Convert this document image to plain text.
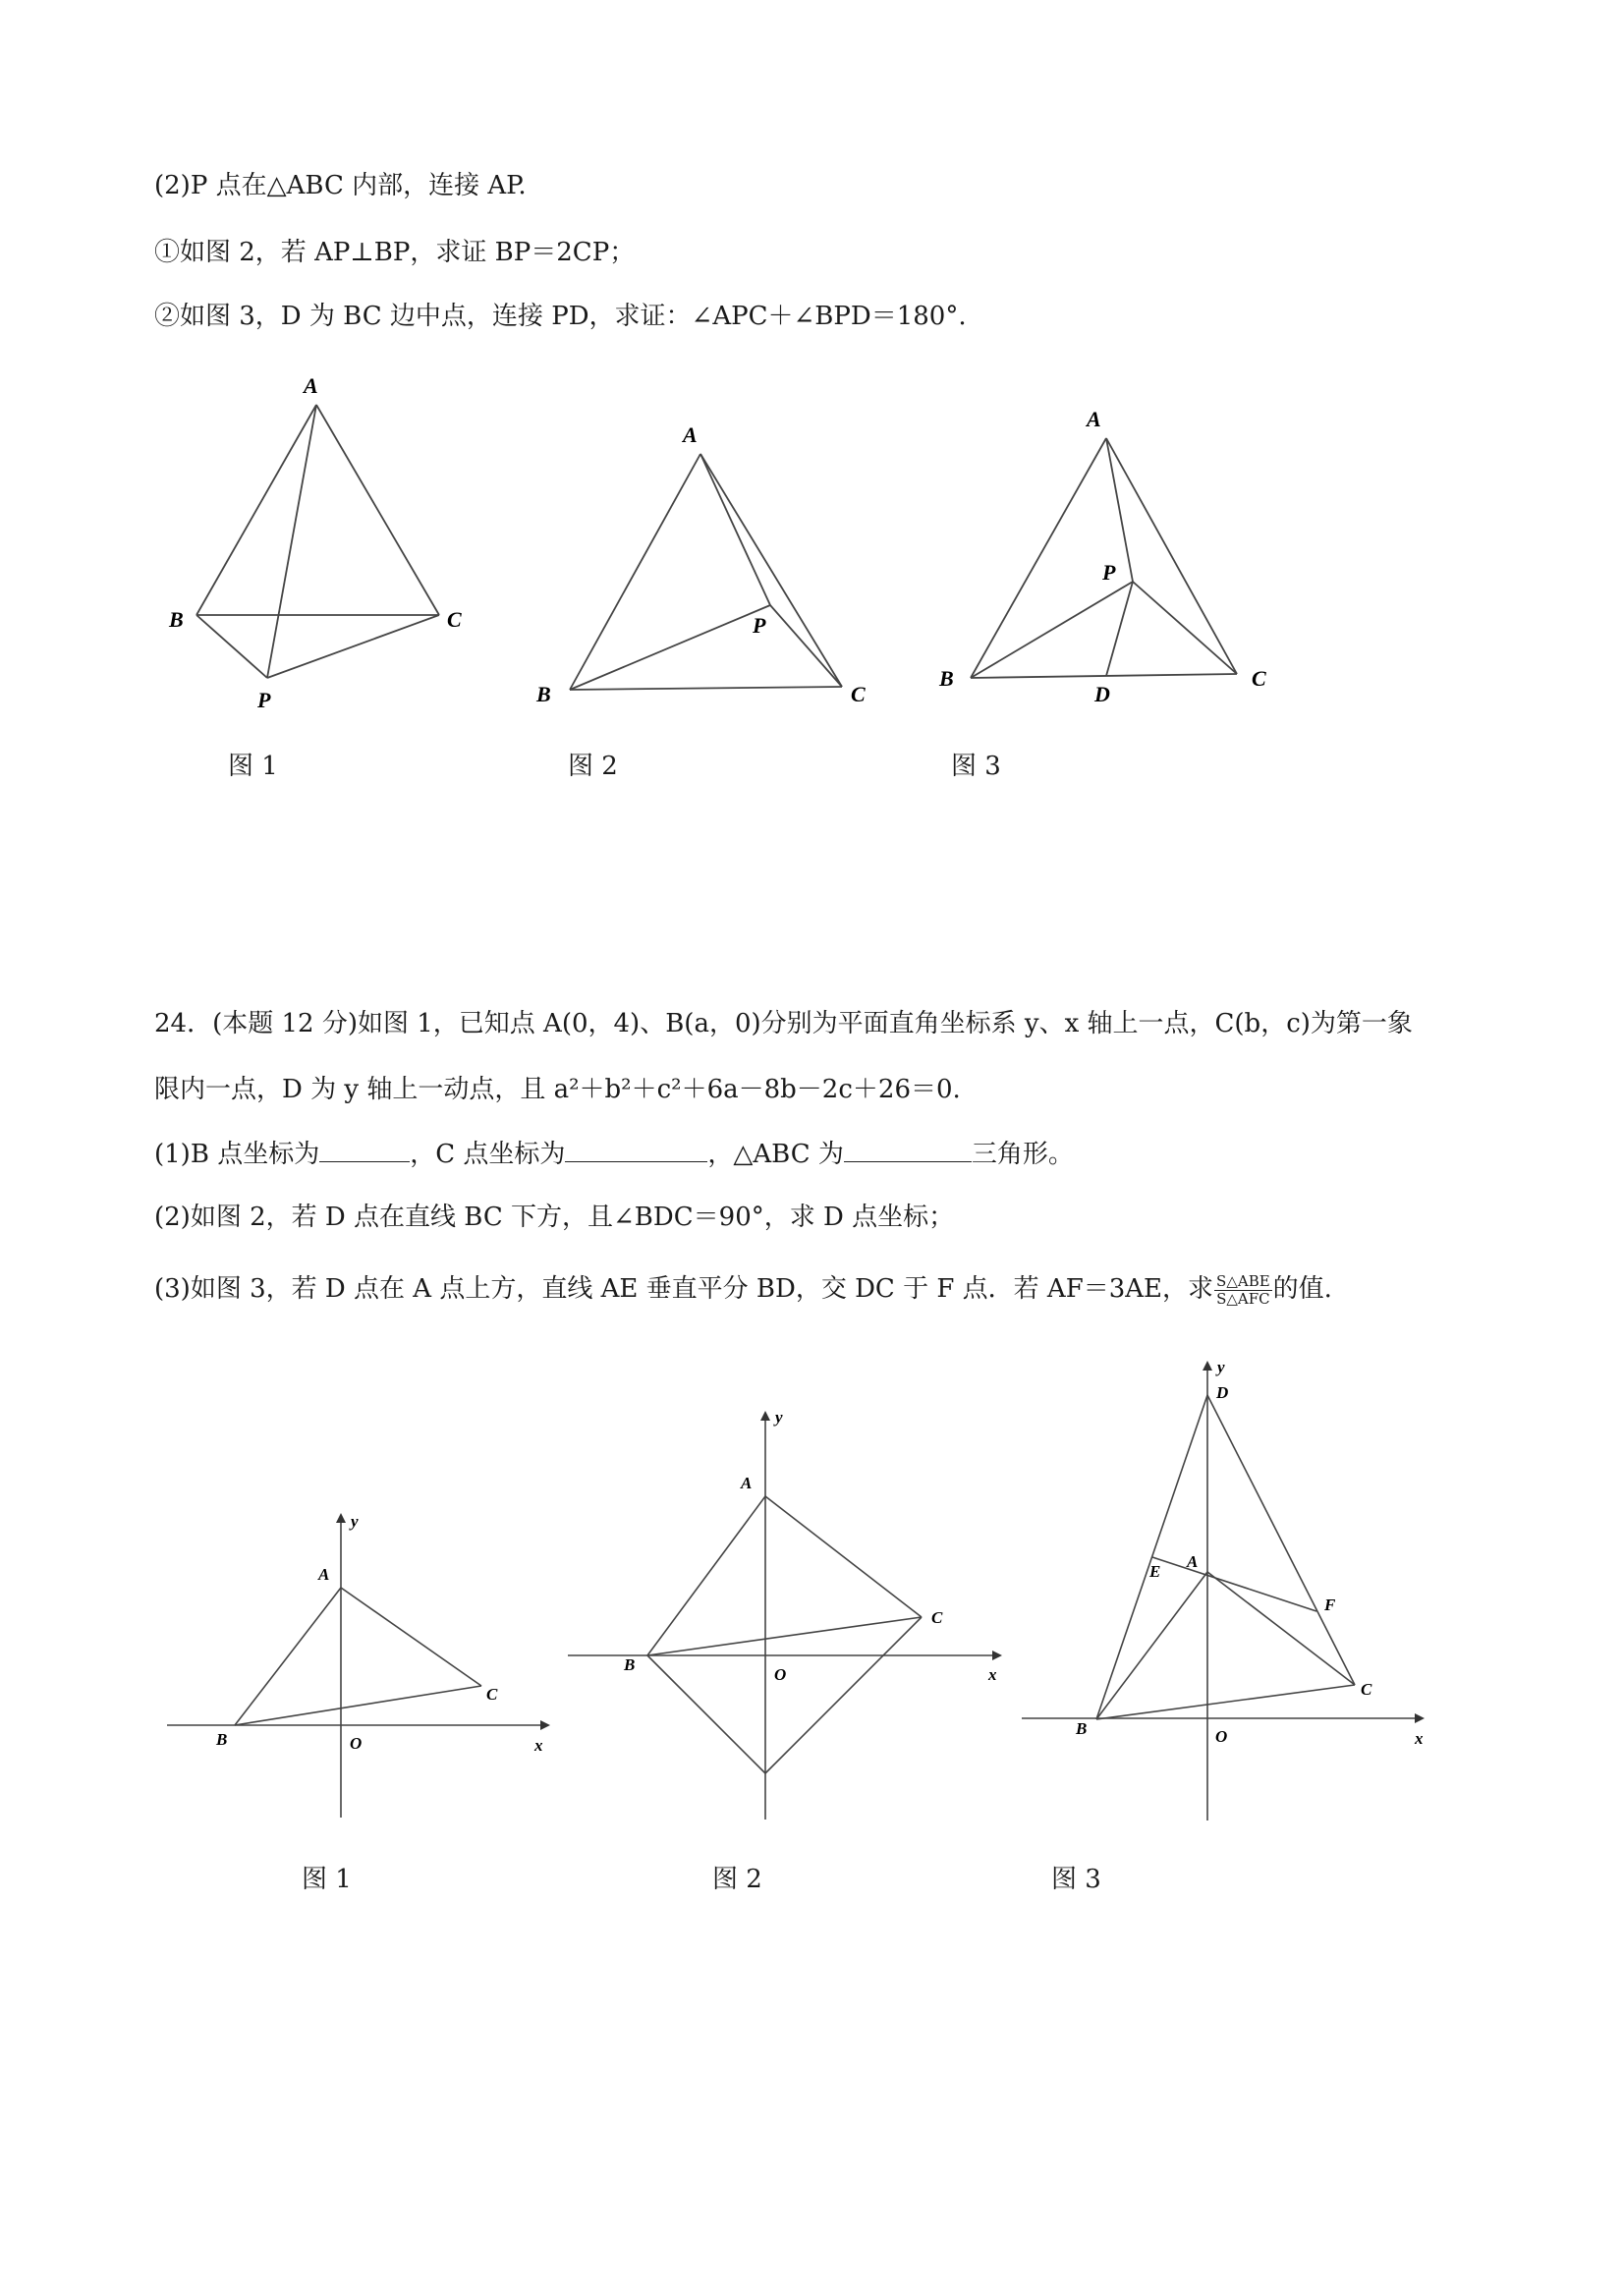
(2)P 点在△ABC 内部，连接 AP.
①如图 2，若 AP⊥BP，求证 BP＝2CP；
②如图 3，D 为 BC 边中点，连接 PD，求证：∠APC＋∠BPD＝180°.
A
B	C
P
A
B	C
P
A
B	C
P
D
图 1	图 2	图 3
24．(本题 12 分)如图 1，已知点 A(0，4)、B(a，0)分别为平面直角坐标系 y、x 轴上一点，C(b，c)为第一象
限内一点，D 为 y 轴上一动点，且 a²＋b²＋c²＋6a－8b－2c＋26＝0.
(1)B 点坐标为	，C 点坐标为	，△ABC 为	三角形。
(2)如图 2，若 D 点在直线 BC 下方，且∠BDC＝90°，求 D 点坐标；
(3)如图 3，若 D 点在 A 点上方，直线 AE 垂直平分 BD，交 DC 于 F 点．若 AF＝3AE，求 $\frac{\text{S△ABE}}{\text{S△AFC}}$ 的值.
A
B
C
O	x
y
A
B
C
O	x
y
D
A
E
F
C
B	O	x
y
图 1	图 2	图 3
